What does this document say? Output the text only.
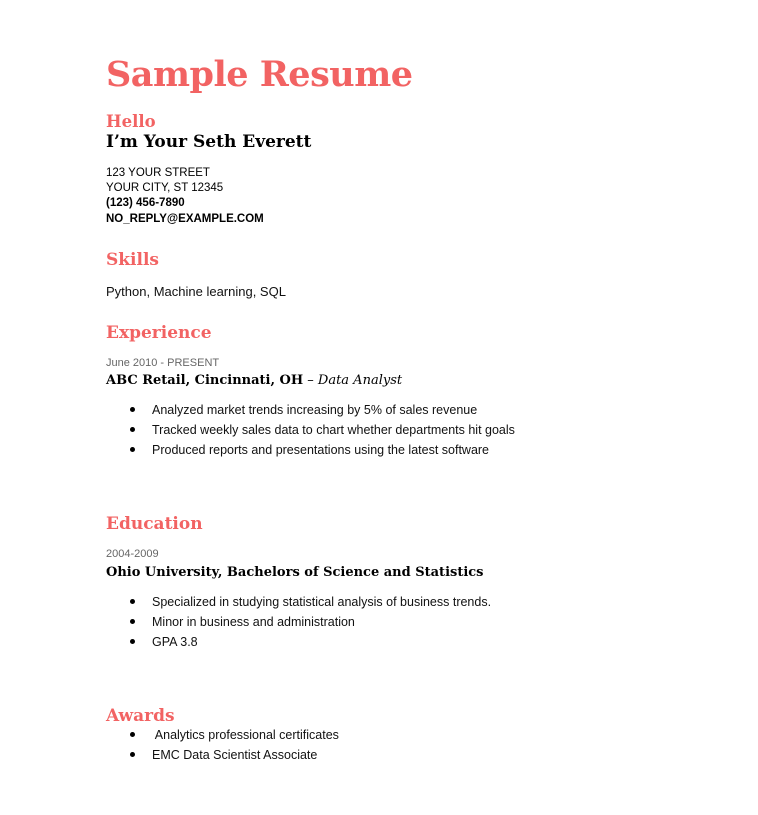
Sample Resume
Hello
I’m Your Seth Everett
123 YOUR STREET
YOUR CITY, ST 12345
(123) 456-7890
NO_REPLY@EXAMPLE.COM
Skills
Python, Machine learning, SQL
Experience
June 2010 - PRESENT
ABC Retail, Cincinnati, OH – Data Analyst
Analyzed market trends increasing by 5% of sales revenue
Tracked weekly sales data to chart whether departments hit goals
Produced reports and presentations using the latest software
Education
2004-2009
Ohio University, Bachelors of Science and Statistics
Specialized in studying statistical analysis of business trends.
Minor in business and administration
GPA 3.8
Awards
Analytics professional certificates
EMC Data Scientist Associate
